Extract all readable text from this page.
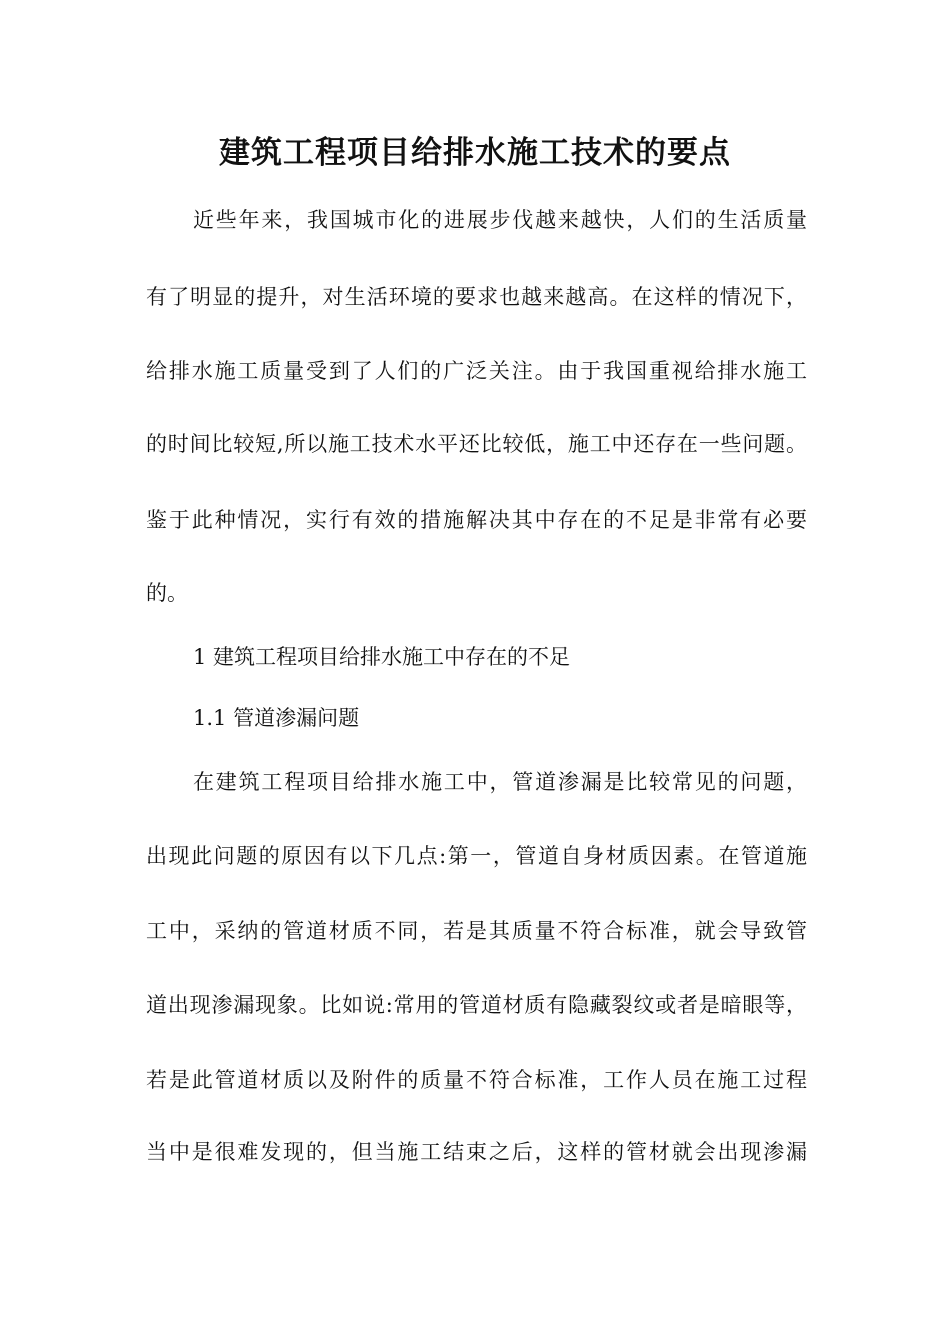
建筑工程项目给排水施工技术的要点

近些年来，我国城市化的进展步伐越来越快，人们的生活质量

有了明显的提升，对生活环境的要求也越来越高。在这样的情况下，

给排水施工质量受到了人们的广泛关注。由于我国重视给排水施工

的时间比较短,所以施工技术水平还比较低，施工中还存在一些问题。

鉴于此种情况，实行有效的措施解决其中存在的不足是非常有必要

的。

1 建筑工程项目给排水施工中存在的不足

1.1 管道渗漏问题

在建筑工程项目给排水施工中，管道渗漏是比较常见的问题，

出现此问题的原因有以下几点:第一，管道自身材质因素。在管道施

工中，采纳的管道材质不同，若是其质量不符合标准，就会导致管

道出现渗漏现象。比如说:常用的管道材质有隐藏裂纹或者是暗眼等，

若是此管道材质以及附件的质量不符合标准，工作人员在施工过程

当中是很难发现的，但当施工结束之后，这样的管材就会出现渗漏
